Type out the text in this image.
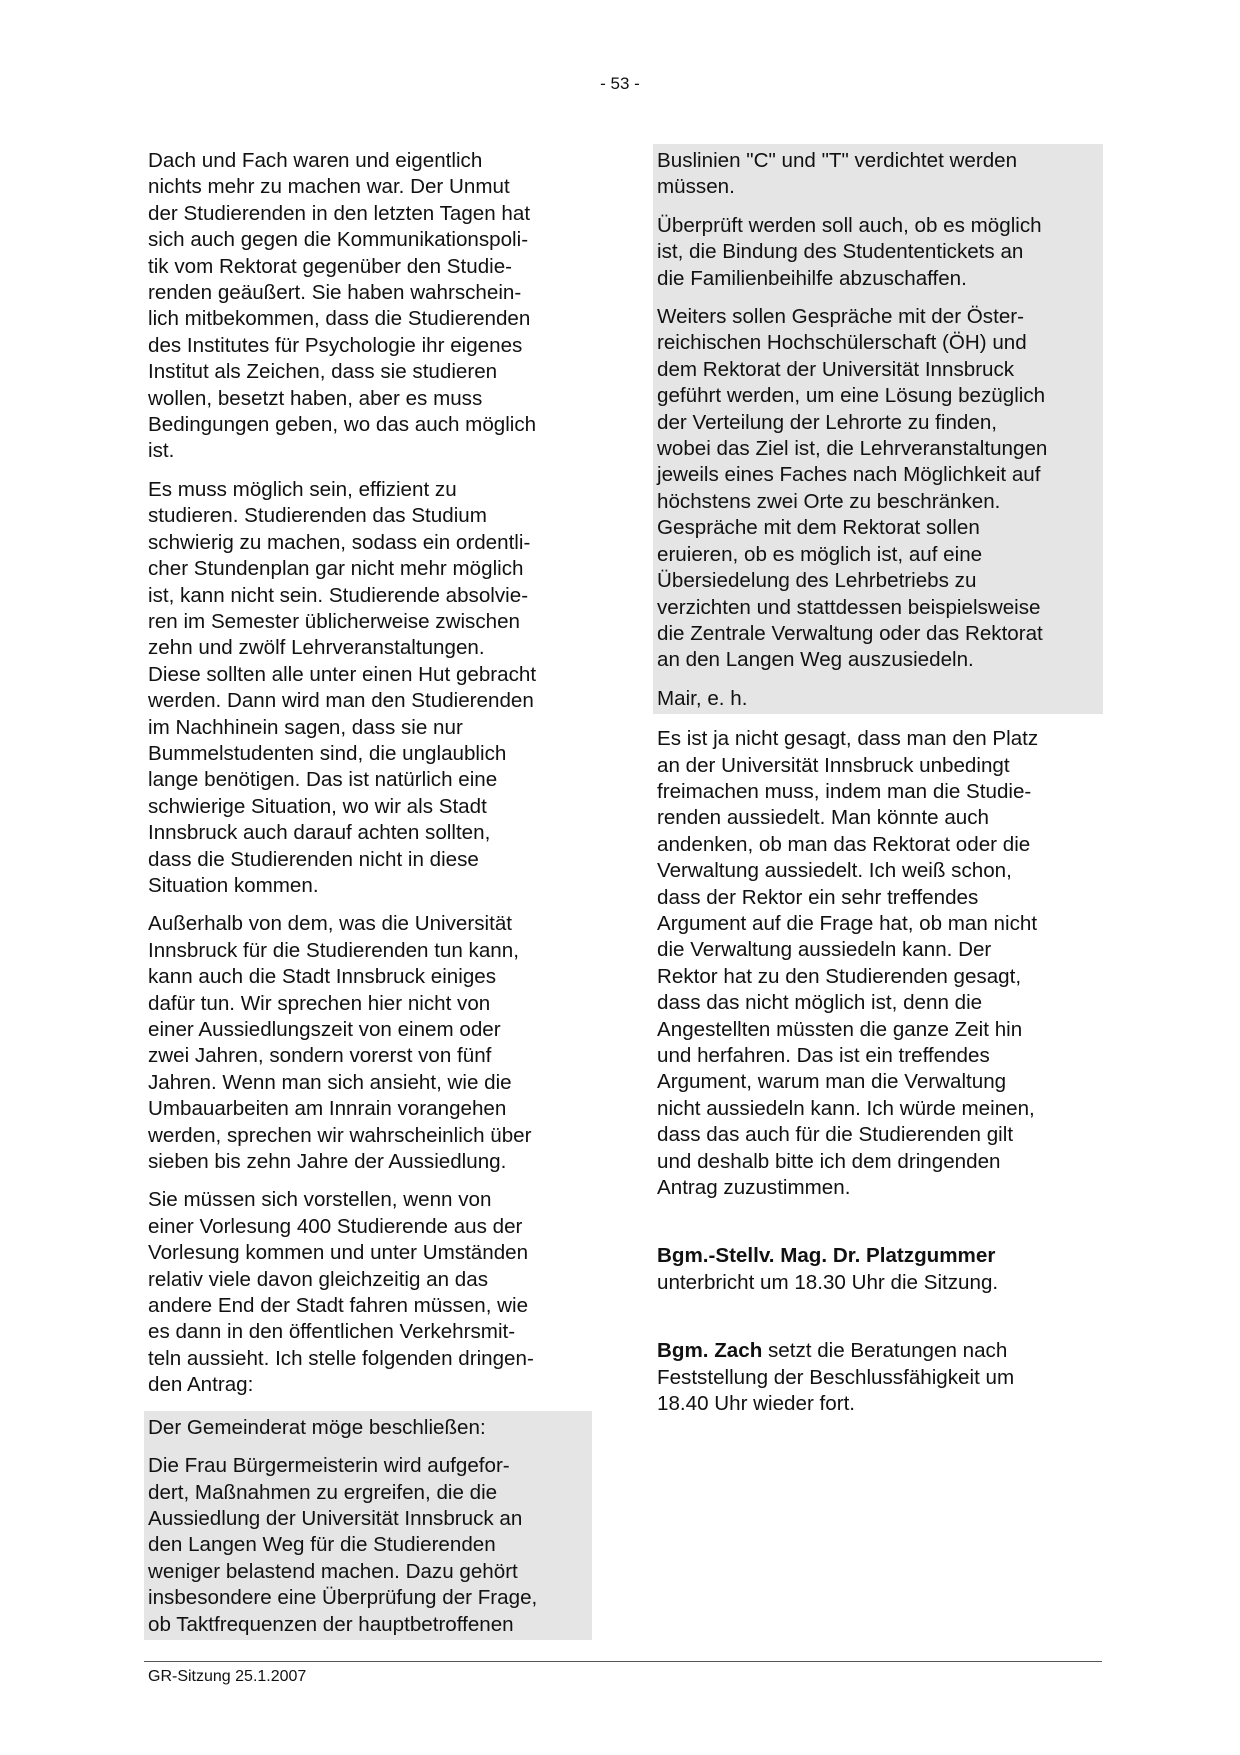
- 53 -

Dach und Fach waren und eigentlich
nichts mehr zu machen war. Der Unmut
der Studierenden in den letzten Tagen hat
sich auch gegen die Kommunikationspoli-
tik vom Rektorat gegenüber den Studie-
renden geäußert. Sie haben wahrschein-
lich mitbekommen, dass die Studierenden
des Institutes für Psychologie ihr eigenes
Institut als Zeichen, dass sie studieren
wollen, besetzt haben, aber es muss
Bedingungen geben, wo das auch möglich
ist.

Es muss möglich sein, effizient zu
studieren. Studierenden das Studium
schwierig zu machen, sodass ein ordentli-
cher Stundenplan gar nicht mehr möglich
ist, kann nicht sein. Studierende absolvie-
ren im Semester üblicherweise zwischen
zehn und zwölf Lehrveranstaltungen.
Diese sollten alle unter einen Hut gebracht
werden. Dann wird man den Studierenden
im Nachhinein sagen, dass sie nur
Bummelstudenten sind, die unglaublich
lange benötigen. Das ist natürlich eine
schwierige Situation, wo wir als Stadt
Innsbruck auch darauf achten sollten,
dass die Studierenden nicht in diese
Situation kommen.

Außerhalb von dem, was die Universität
Innsbruck für die Studierenden tun kann,
kann auch die Stadt Innsbruck einiges
dafür tun. Wir sprechen hier nicht von
einer Aussiedlungszeit von einem oder
zwei Jahren, sondern vorerst von fünf
Jahren. Wenn man sich ansieht, wie die
Umbauarbeiten am Innrain vorangehen
werden, sprechen wir wahrscheinlich über
sieben bis zehn Jahre der Aussiedlung.

Sie müssen sich vorstellen, wenn von
einer Vorlesung 400 Studierende aus der
Vorlesung kommen und unter Umständen
relativ viele davon gleichzeitig an das
andere End der Stadt fahren müssen, wie
es dann in den öffentlichen Verkehrsmit-
teln aussieht. Ich stelle folgenden dringen-
den Antrag:

Der Gemeinderat möge beschließen:

Die Frau Bürgermeisterin wird aufgefor-
dert, Maßnahmen zu ergreifen, die die
Aussiedlung der Universität Innsbruck an
den Langen Weg für die Studierenden
weniger belastend machen. Dazu gehört
insbesondere eine Überprüfung der Frage,
ob Taktfrequenzen der hauptbetroffenen

Buslinien "C" und "T" verdichtet werden
müssen.

Überprüft werden soll auch, ob es möglich
ist, die Bindung des Studententickets an
die Familienbeihilfe abzuschaffen.

Weiters sollen Gespräche mit der Öster-
reichischen Hochschülerschaft (ÖH) und
dem Rektorat der Universität Innsbruck
geführt werden, um eine Lösung bezüglich
der Verteilung der Lehrorte zu finden,
wobei das Ziel ist, die Lehrveranstaltungen
jeweils eines Faches nach Möglichkeit auf
höchstens zwei Orte zu beschränken.
Gespräche mit dem Rektorat sollen
eruieren, ob es möglich ist, auf eine
Übersiedelung des Lehrbetriebs zu
verzichten und stattdessen beispielsweise
die Zentrale Verwaltung oder das Rektorat
an den Langen Weg auszusiedeln.

Mair, e. h.

Es ist ja nicht gesagt, dass man den Platz
an der Universität Innsbruck unbedingt
freimachen muss, indem man die Studie-
renden aussiedelt. Man könnte auch
andenken, ob man das Rektorat oder die
Verwaltung aussiedelt. Ich weiß schon,
dass der Rektor ein sehr treffendes
Argument auf die Frage hat, ob man nicht
die Verwaltung aussiedeln kann. Der
Rektor hat zu den Studierenden gesagt,
dass das nicht möglich ist, denn die
Angestellten müssten die ganze Zeit hin
und herfahren. Das ist ein treffendes
Argument, warum man die Verwaltung
nicht aussiedeln kann. Ich würde meinen,
dass das auch für die Studierenden gilt
und deshalb bitte ich dem dringenden
Antrag zuzustimmen.

Bgm.-Stellv. Mag. Dr. Platzgummer
unterbricht um 18.30 Uhr die Sitzung.

Bgm. Zach setzt die Beratungen nach
Feststellung der Beschlussfähigkeit um
18.40 Uhr wieder fort.

GR-Sitzung 25.1.2007
